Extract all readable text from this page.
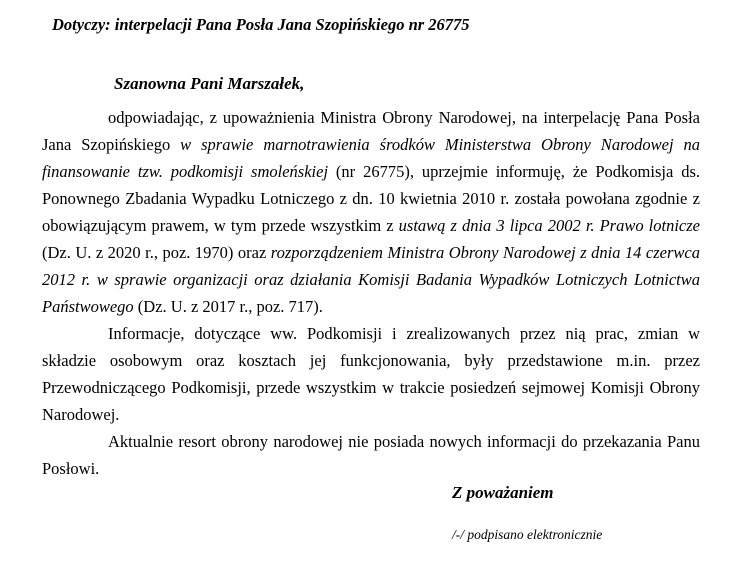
Dotyczy: interpelacji Pana Posła Jana Szopińskiego nr 26775
Szanowna Pani Marszałek,

odpowiadając, z upoważnienia Ministra Obrony Narodowej, na interpelację Pana Posła Jana Szopińskiego w sprawie marnotrawienia środków Ministerstwa Obrony Narodowej na finansowanie tzw. podkomisji smoleńskiej (nr 26775), uprzejmie informuję, że Podkomisja ds. Ponownego Zbadania Wypadku Lotniczego z dn. 10 kwietnia 2010 r. została powołana zgodnie z obowiązującym prawem, w tym przede wszystkim z ustawą z dnia 3 lipca 2002 r. Prawo lotnicze (Dz. U. z 2020 r., poz. 1970) oraz rozporządzeniem Ministra Obrony Narodowej z dnia 14 czerwca 2012 r. w sprawie organizacji oraz działania Komisji Badania Wypadków Lotniczych Lotnictwa Państwowego (Dz. U. z 2017 r., poz. 717).

Informacje, dotyczące ww. Podkomisji i zrealizowanych przez nią prac, zmian w składzie osobowym oraz kosztach jej funkcjonowania, były przedstawione m.in. przez Przewodniczącego Podkomisji, przede wszystkim w trakcie posiedzeń sejmowej Komisji Obrony Narodowej.

Aktualnie resort obrony narodowej nie posiada nowych informacji do przekazania Panu Posłowi.

Z poważaniem
/-/ podpisano elektronicznie
